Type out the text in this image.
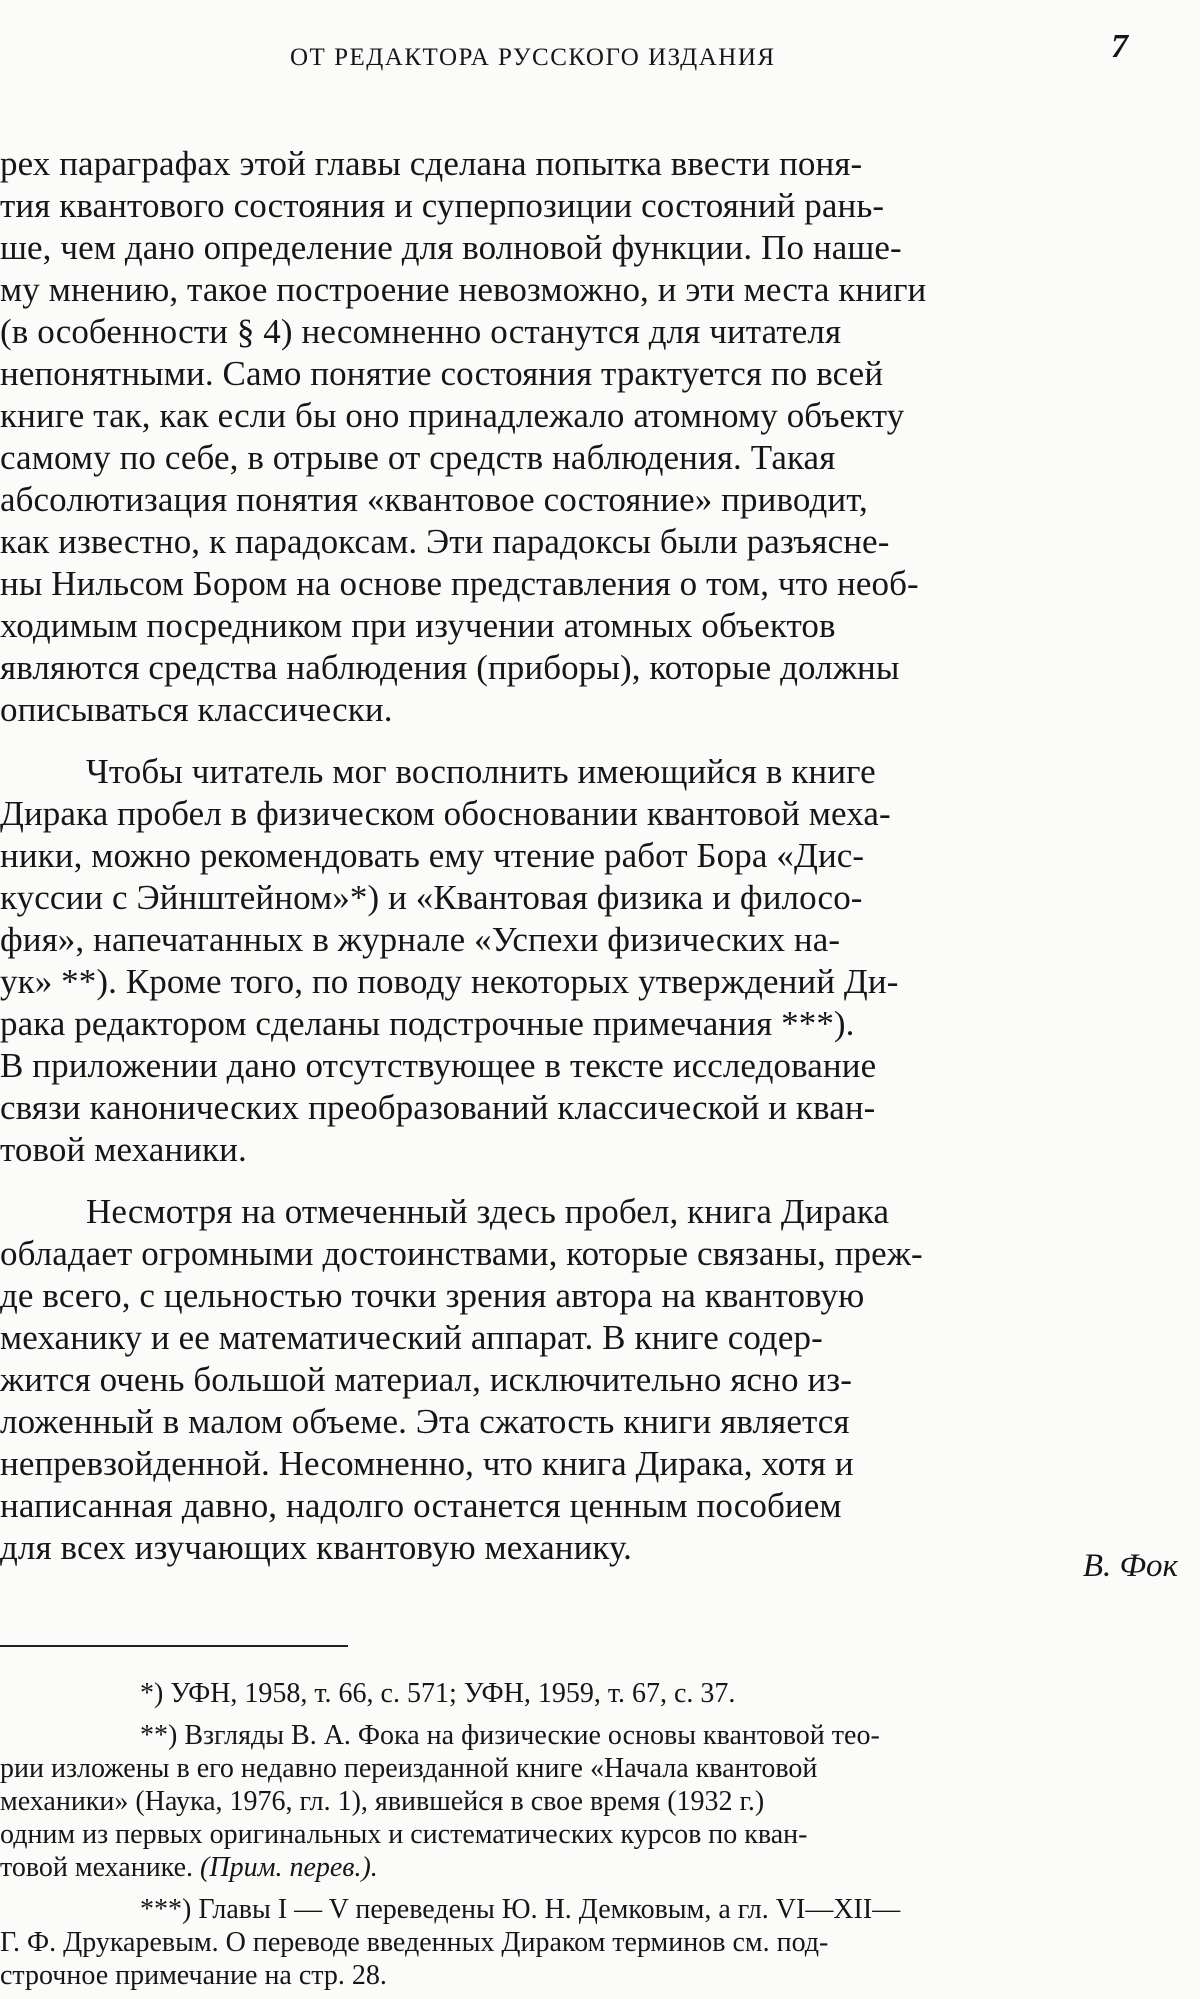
ОТ РЕДАКТОРА РУССКОГО ИЗДАНИЯ	7
рех параграфах этой главы сделана попытка ввести поня-
тия квантового состояния и суперпозиции состояний рань-
ше, чем дано определение для волновой функции. По наше-
му мнению, такое построение невозможно, и эти места книги
(в особенности § 4) несомненно останутся для читателя
непонятными. Само понятие состояния трактуется по всей
книге так, как если бы оно принадлежало атомному объекту
самому по себе, в отрыве от средств наблюдения. Такая
абсолютизация понятия «квантовое состояние» приводит,
как известно, к парадоксам. Эти парадоксы были разъясне-
ны Нильсом Бором на основе представления о том, что необ-
ходимым посредником при изучении атомных объектов
являются средства наблюдения (приборы), которые должны
описываться классически.
Чтобы читатель мог восполнить имеющийся в книге
Дирака пробел в физическом обосновании квантовой меха-
ники, можно рекомендовать ему чтение работ Бора «Дис-
куссии с Эйнштейном»*) и «Квантовая физика и филосо-
фия», напечатанных в журнале «Успехи физических на-
ук» **). Кроме того, по поводу некоторых утверждений Ди-
рака редактором сделаны подстрочные примечания ***).
В приложении дано отсутствующее в тексте исследование
связи канонических преобразований классической и кван-
товой механики.
Несмотря на отмеченный здесь пробел, книга Дирака
обладает огромными достоинствами, которые связаны, преж-
де всего, с цельностью точки зрения автора на квантовую
механику и ее математический аппарат. В книге содер-
жится очень большой материал, исключительно ясно из-
ложенный в малом объеме. Эта сжатость книги является
непревзойденной. Несомненно, что книга Дирака, хотя и
написанная давно, надолго останется ценным пособием
для всех изучающих квантовую механику.	В. Фок
*) УФН, 1958, т. 66, с. 571; УФН, 1959, т. 67, с. 37.
**) Взгляды В. А. Фока на физические основы квантовой тео-
рии изложены в его недавно переизданной книге «Начала квантовой
механики» (Наука, 1976, гл. 1), явившейся в свое время (1932 г.)
одним из первых оригинальных и систематических курсов по кван-
товой механике. (Прим. перев.).
***) Главы I — V переведены Ю. Н. Демковым, а гл. VI—XII—
Г. Ф. Друкаревым. О переводе введенных Дираком терминов см. под-
строчное примечание на стр. 28.
